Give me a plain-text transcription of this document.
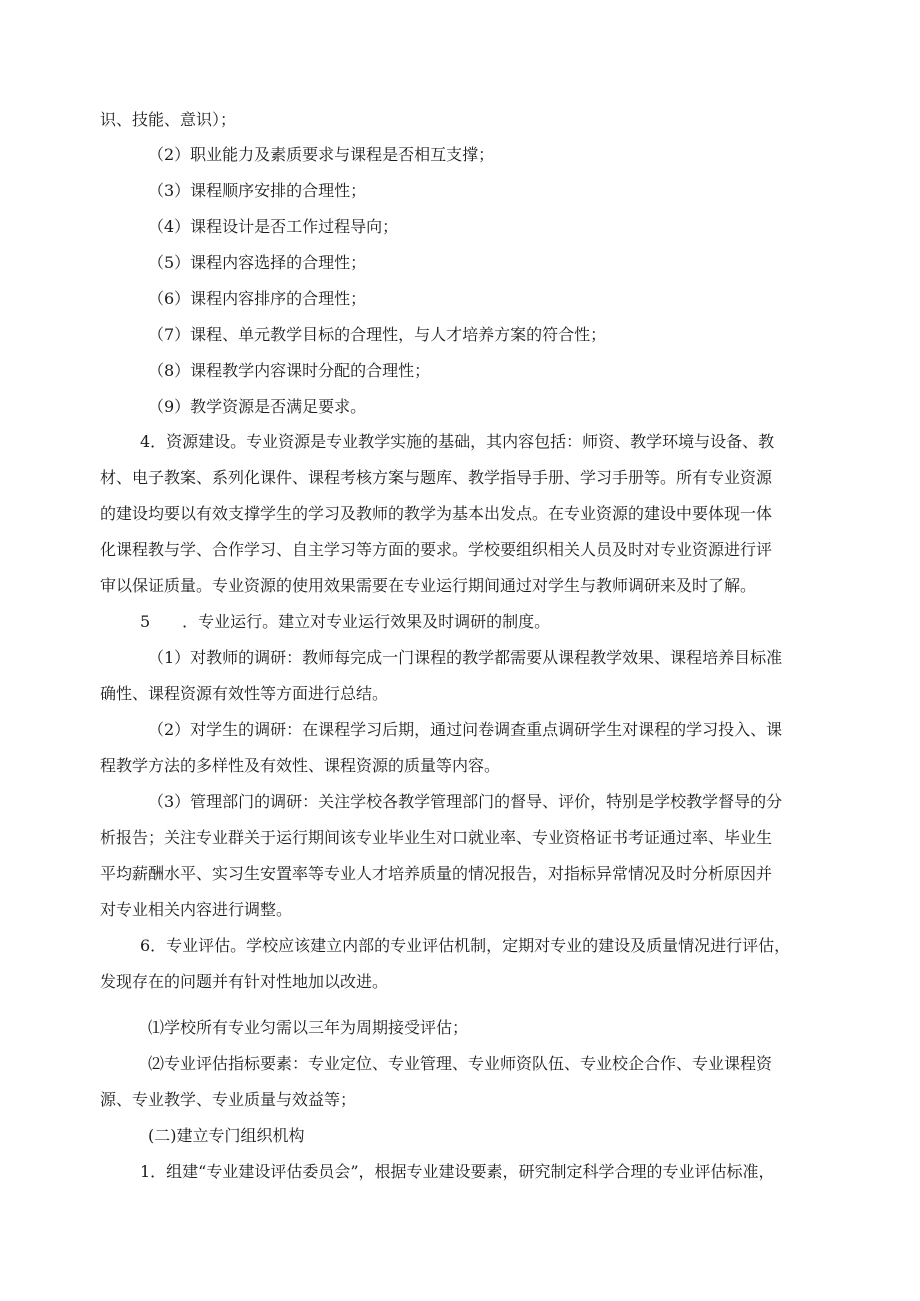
识、技能、意识）；
（2）职业能力及素质要求与课程是否相互支撑；
（3）课程顺序安排的合理性；
（4）课程设计是否工作过程导向；
（5）课程内容选择的合理性；
（6）课程内容排序的合理性；
（7）课程、单元教学目标的合理性，与人才培养方案的符合性；
（8）课程教学内容课时分配的合理性；
（9）教学资源是否满足要求。
4．资源建设。专业资源是专业教学实施的基础，其内容包括：师资、教学环境与设备、教
材、电子教案、系列化课件、课程考核方案与题库、教学指导手册、学习手册等。所有专业资源
的建设均要以有效支撑学生的学习及教师的教学为基本出发点。在专业资源的建设中要体现一体
化课程教与学、合作学习、自主学习等方面的要求。学校要组织相关人员及时对专业资源进行评
审以保证质量。专业资源的使用效果需要在专业运行期间通过对学生与教师调研来及时了解。
5　　．专业运行。建立对专业运行效果及时调研的制度。
（1）对教师的调研：教师每完成一门课程的教学都需要从课程教学效果、课程培养目标准
确性、课程资源有效性等方面进行总结。
（2）对学生的调研：在课程学习后期，通过问卷调查重点调研学生对课程的学习投入、课
程教学方法的多样性及有效性、课程资源的质量等内容。
（3）管理部门的调研：关注学校各教学管理部门的督导、评价，特别是学校教学督导的分
析报告；关注专业群关于运行期间该专业毕业生对口就业率、专业资格证书考证通过率、毕业生
平均薪酬水平、实习生安置率等专业人才培养质量的情况报告，对指标异常情况及时分析原因并
对专业相关内容进行调整。
6．专业评估。学校应该建立内部的专业评估机制，定期对专业的建设及质量情况进行评估，
发现存在的问题并有针对性地加以改进。
⑴学校所有专业匀需以三年为周期接受评估；
⑵专业评估指标要素：专业定位、专业管理、专业师资队伍、专业校企合作、专业课程资
源、专业教学、专业质量与效益等；
(二)建立专门组织机构
1．组建“专业建设评估委员会”，根据专业建设要素，研究制定科学合理的专业评估标准，
